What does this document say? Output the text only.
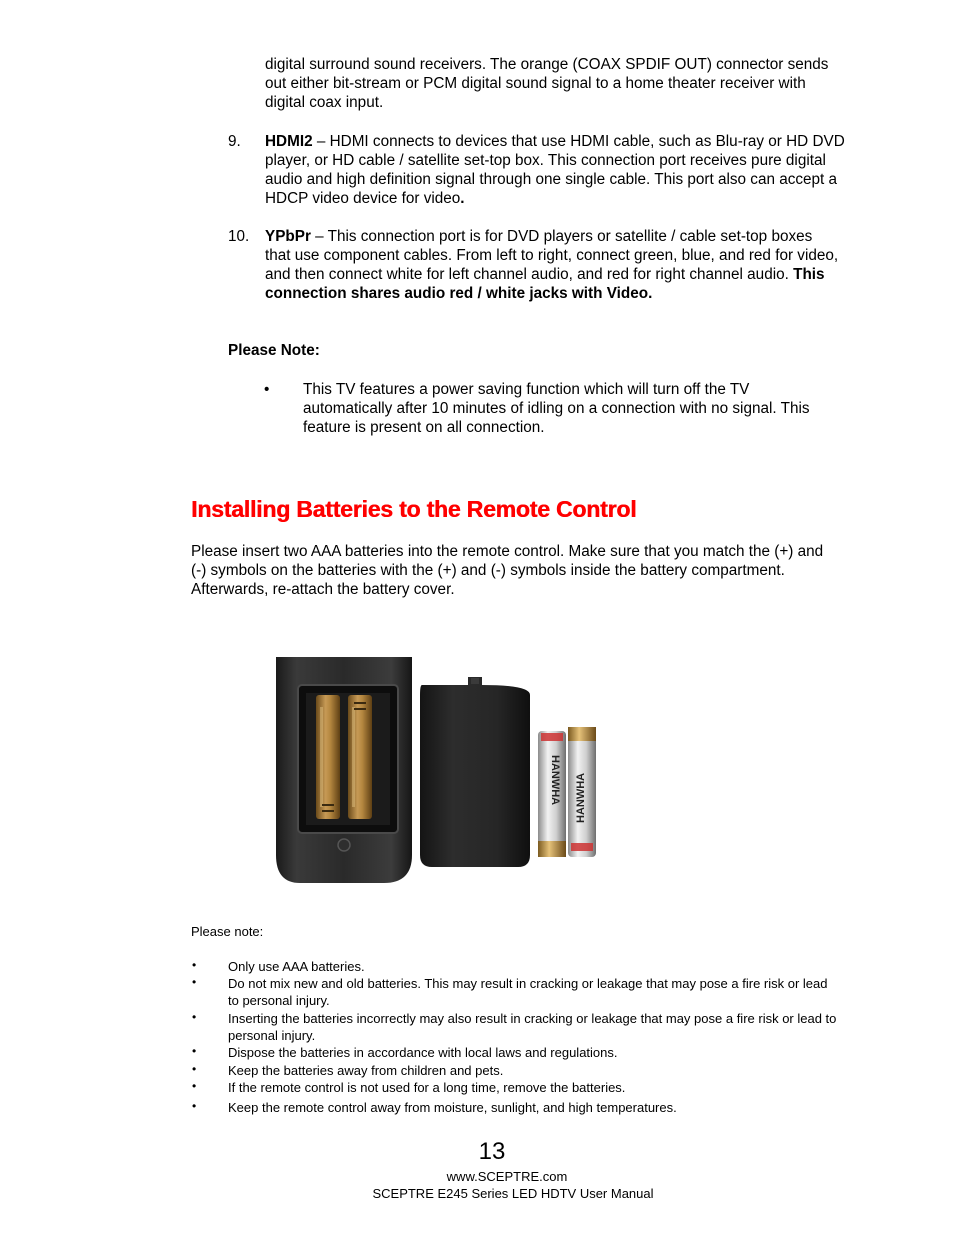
digital surround sound receivers. The orange (COAX SPDIF OUT) connector sends out either bit-stream or PCM digital sound signal to a home theater receiver with digital coax input.
9. HDMI2 – HDMI connects to devices that use HDMI cable, such as Blu-ray or HD DVD player, or HD cable / satellite set-top box. This connection port receives pure digital audio and high definition signal through one single cable. This port also can accept a HDCP video device for video.
10. YPbPr – This connection port is for DVD players or satellite / cable set-top boxes that use component cables. From left to right, connect green, blue, and red for video, and then connect white for left channel audio, and red for right channel audio. This connection shares audio red / white jacks with Video.
Please Note:
• This TV features a power saving function which will turn off the TV automatically after 10 minutes of idling on a connection with no signal. This feature is present on all connection.
Installing Batteries to the Remote Control
Please insert two AAA batteries into the remote control. Make sure that you match the (+) and (-) symbols on the batteries with the (+) and (-) symbols inside the battery compartment. Afterwards, re-attach the battery cover.
HANWHA HANWHA
Please note:
• Only use AAA batteries.
• Do not mix new and old batteries. This may result in cracking or leakage that may pose a fire risk or lead to personal injury.
• Inserting the batteries incorrectly may also result in cracking or leakage that may pose a fire risk or lead to personal injury.
• Dispose the batteries in accordance with local laws and regulations.
• Keep the batteries away from children and pets.
• If the remote control is not used for a long time, remove the batteries.
• Keep the remote control away from moisture, sunlight, and high temperatures.
13
www.SCEPTRE.com
SCEPTRE E245 Series LED HDTV User Manual
